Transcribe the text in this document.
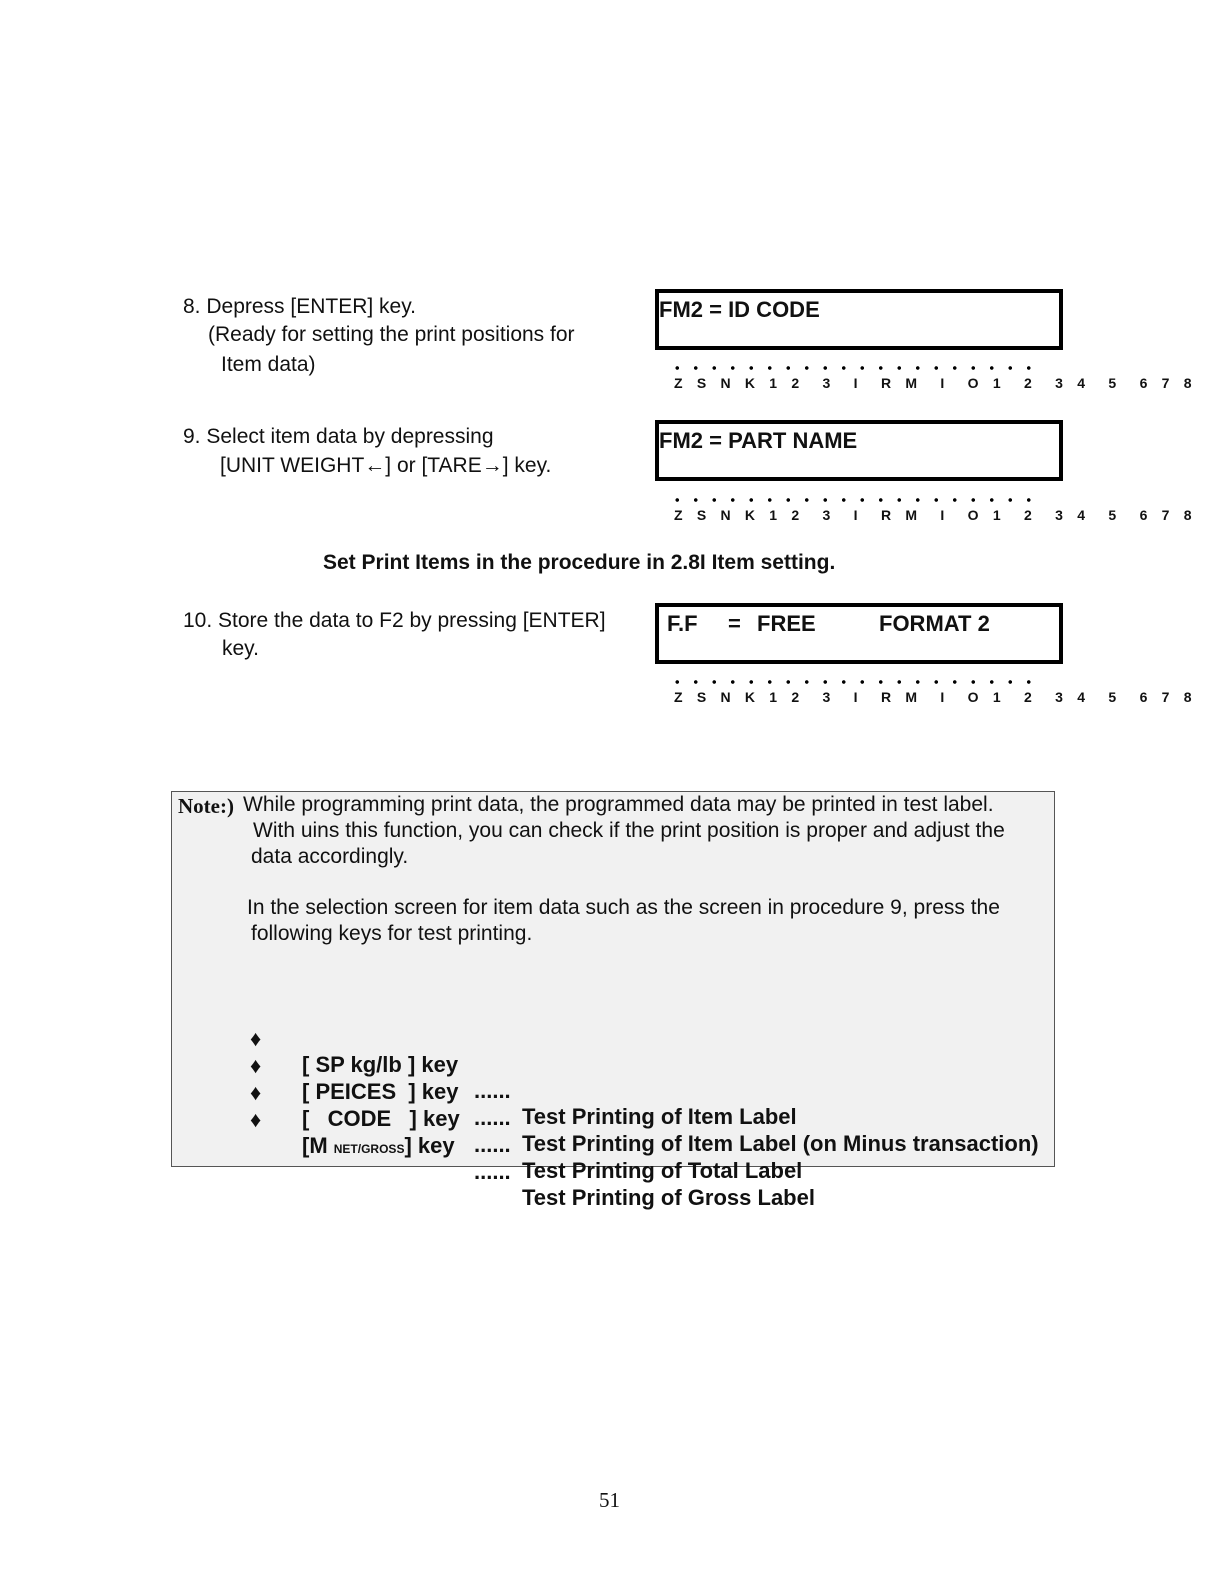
8. Depress [ENTER] key.
(Ready for setting the print positions for
Item data)
9. Select item data by depressing
[UNIT WEIGHT←] or [TARE→] key.
10. Store the data to F2 by pressing [ENTER]
key.
FM2 = ID CODE
Z S N K 1 2  3  I  R M  I  O 1  2  3 4  5  6 7 8
FM2 = PART NAME
Z S N K 1 2  3  I  R M  I  O 1  2  3 4  5  6 7 8
Set Print Items in the procedure in 2.8I Item setting.
F.F = FREE	FORMAT 2
Z S N K 1 2  3  I  R M  I  O 1  2  3 4  5  6 7 8
Note:) While programming print data, the programmed data may be printed in test label.
With uins this function, you can check if the print position is proper and adjust the
data accordingly.
In the selection screen for item data such as the screen in procedure 9, press the
following keys for test printing.

♦

[ SP kg/lb ] key

......

Test Printing of Item Label

♦

[ PEICES  ] key

......

Test Printing of Item Label (on Minus transaction)

♦

[   CODE   ] key

......

Test Printing of Total Label

♦

[M NET/GROSS] key

......

Test Printing of Gross Label

51
